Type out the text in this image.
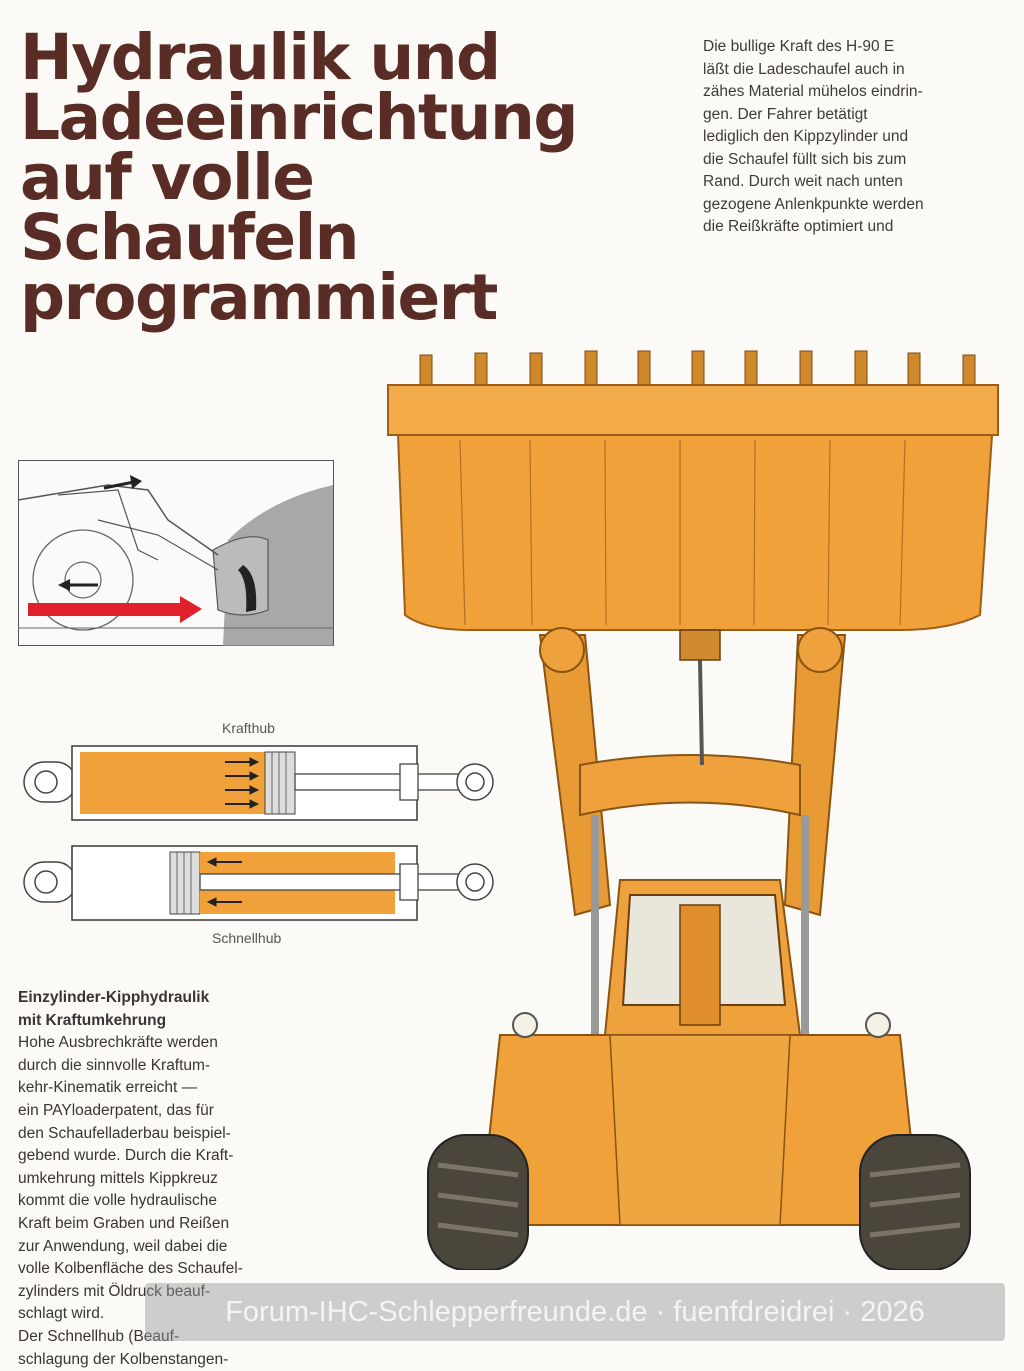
Hydraulik und
Ladeeinrichtung
auf volle
Schaufeln
programmiert
Die bullige Kraft des H-90 E
läßt die Ladeschaufel auch in
zähes Material mühelos eindrin-
gen. Der Fahrer betätigt
lediglich den Kippzylinder und
die Schaufel füllt sich bis zum
Rand. Durch weit nach unten
gezogene Anlenkpunkte werden
die Reißkräfte optimiert und
Krafthub
Schnellhub
Einzylinder-Kipphydraulik
mit Kraftumkehrung
Hohe Ausbrechkräfte werden
durch die sinnvolle Kraftum-
kehr-Kinematik erreicht —
ein PAYloaderpatent, das für
den Schaufelladerbau beispiel-
gebend wurde. Durch die Kraft-
umkehrung mittels Kippkreuz
kommt die volle hydraulische
Kraft beim Graben und Reißen
zur Anwendung, weil dabei die
volle Kolbenfläche des Schaufel-
zylinders mit Öldruck beauf-
schlagt wird.
Der Schnellhub (Beauf-
schlagung der Kolbenstangen-
Forum-IHC-Schlepperfreunde.de · fuenfdreidrei · 2026
